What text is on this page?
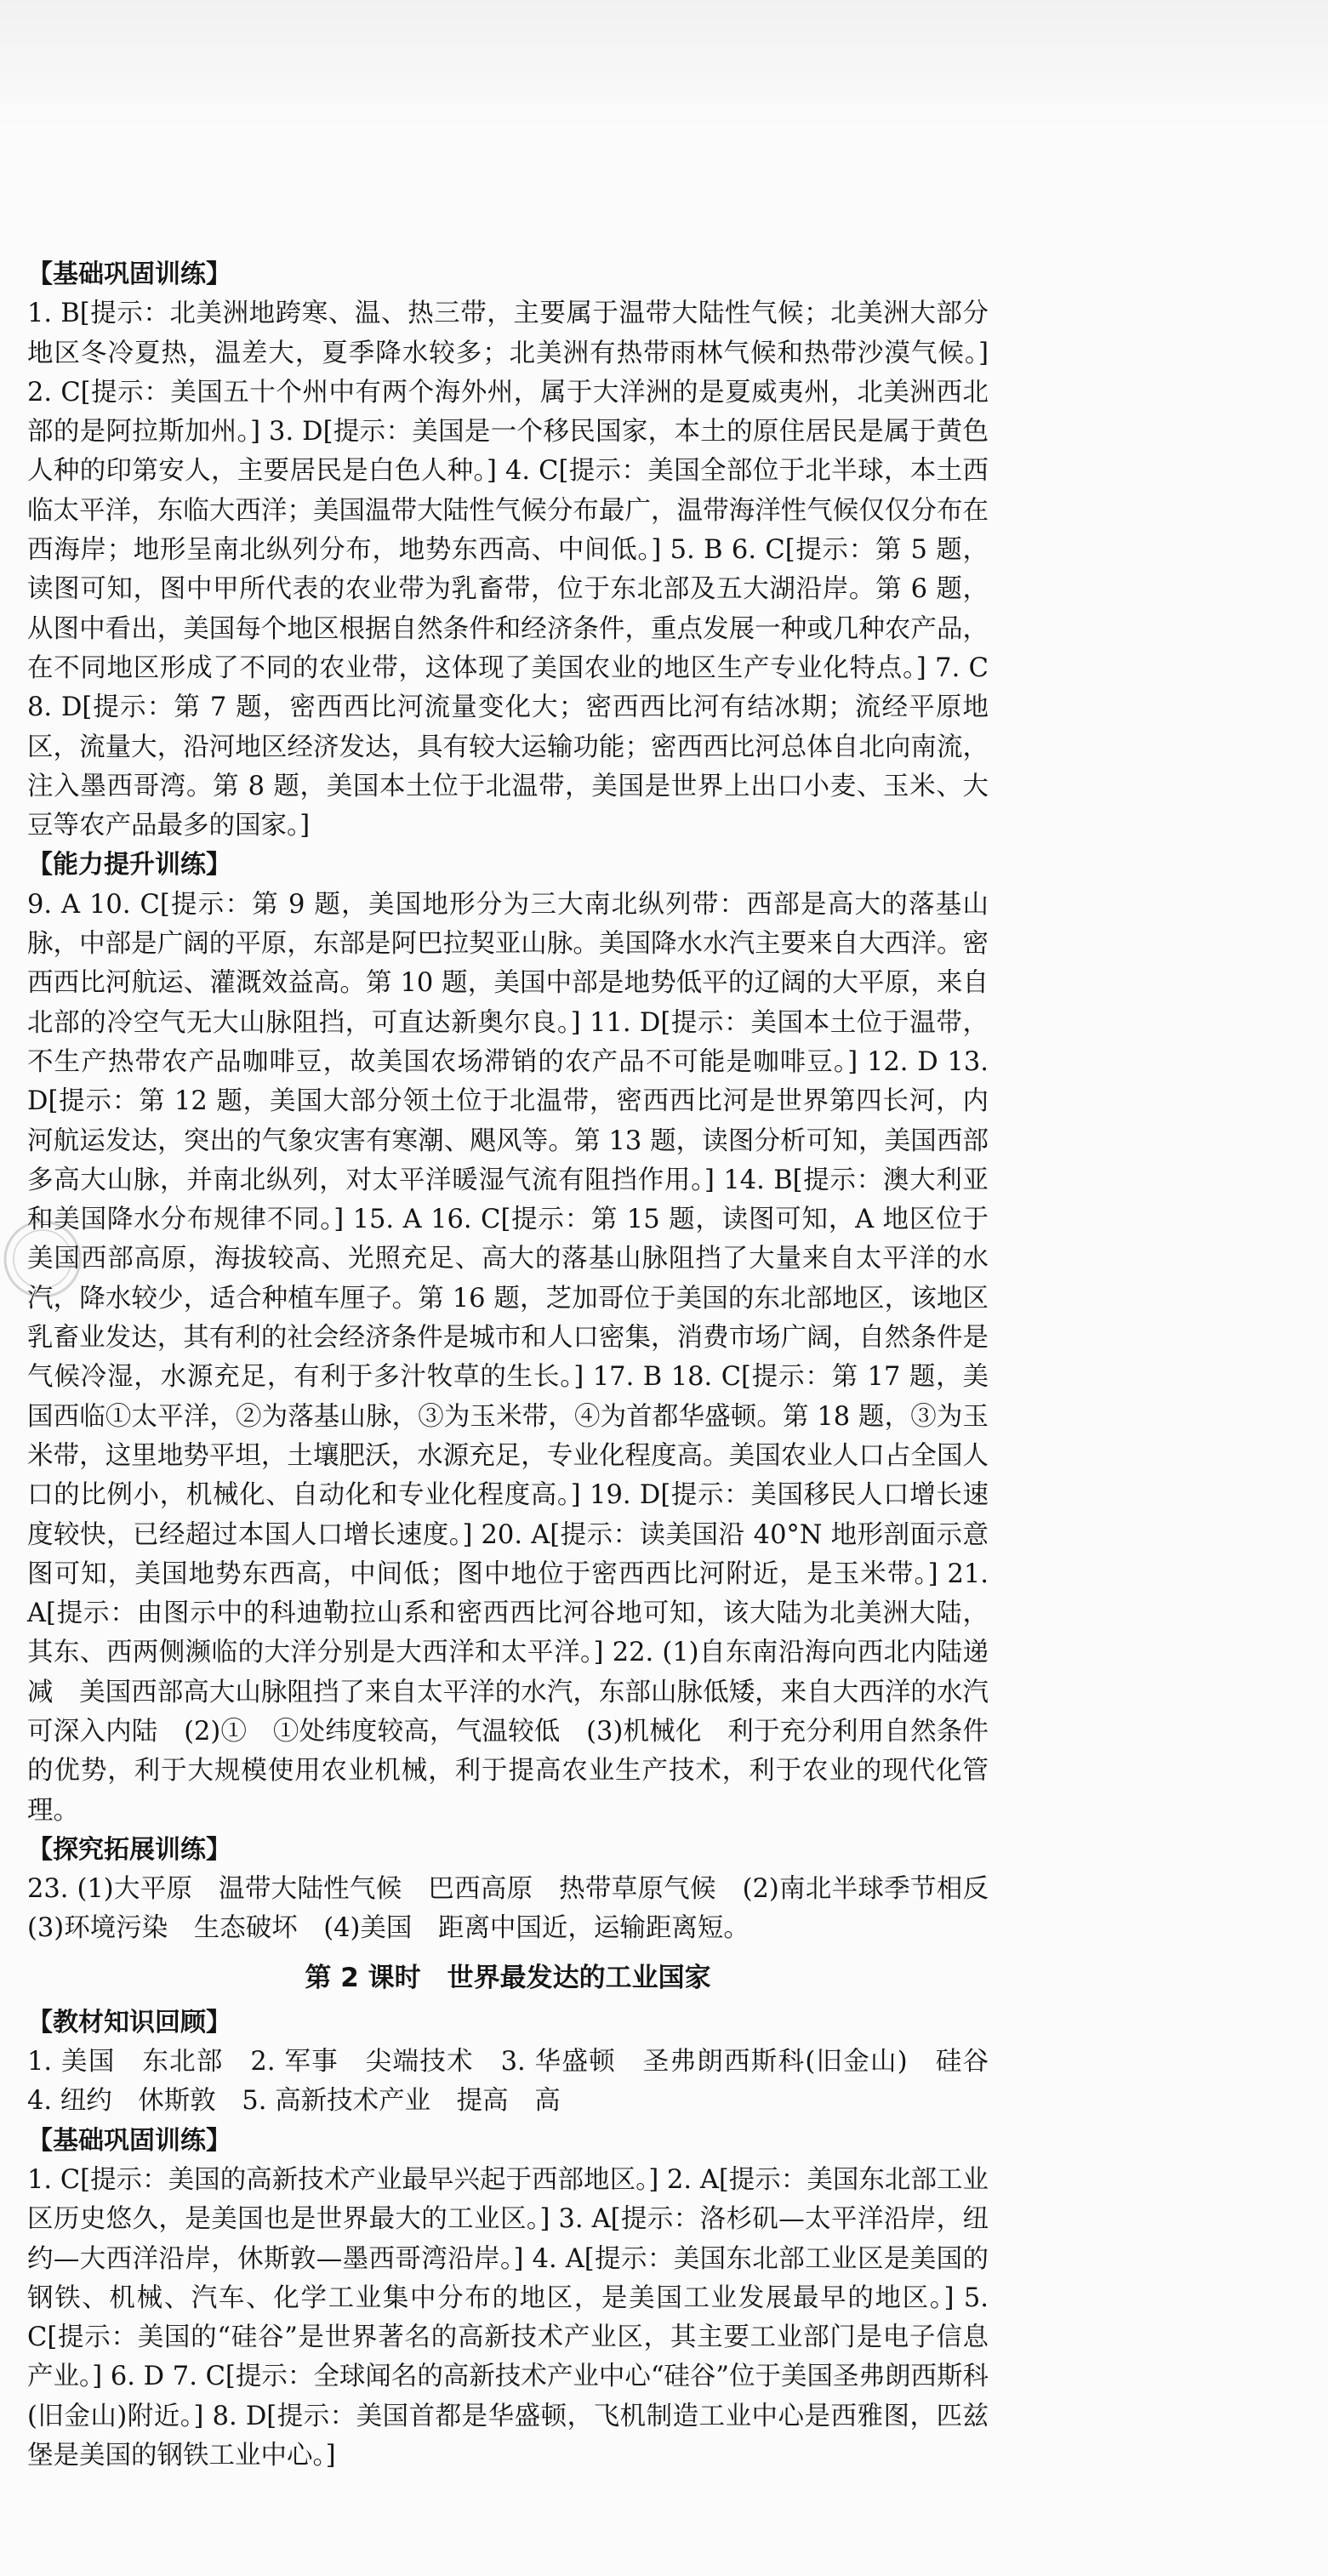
【基础巩固训练】

1. B[提示：北美洲地跨寒、温、热三带，主要属于温带大陆性气候；北美洲大部分地区冬冷夏热，温差大，夏季降水较多；北美洲有热带雨林气候和热带沙漠气候。] 2. C[提示：美国五十个州中有两个海外州，属于大洋洲的是夏威夷州，北美洲西北部的是阿拉斯加州。] 3. D[提示：美国是一个移民国家，本土的原住居民是属于黄色人种的印第安人，主要居民是白色人种。] 4. C[提示：美国全部位于北半球，本土西临太平洋，东临大西洋；美国温带大陆性气候分布最广，温带海洋性气候仅仅分布在西海岸；地形呈南北纵列分布，地势东西高、中间低。] 5. B 6. C[提示：第 5 题，读图可知，图中甲所代表的农业带为乳畜带，位于东北部及五大湖沿岸。第 6 题，从图中看出，美国每个地区根据自然条件和经济条件，重点发展一种或几种农产品，在不同地区形成了不同的农业带，这体现了美国农业的地区生产专业化特点。] 7. C 8. D[提示：第 7 题，密西西比河流量变化大；密西西比河有结冰期；流经平原地区，流量大，沿河地区经济发达，具有较大运输功能；密西西比河总体自北向南流，注入墨西哥湾。第 8 题，美国本土位于北温带，美国是世界上出口小麦、玉米、大豆等农产品最多的国家。]

【能力提升训练】

9. A 10. C[提示：第 9 题，美国地形分为三大南北纵列带：西部是高大的落基山脉，中部是广阔的平原，东部是阿巴拉契亚山脉。美国降水水汽主要来自大西洋。密西西比河航运、灌溉效益高。第 10 题，美国中部是地势低平的辽阔的大平原，来自北部的冷空气无大山脉阻挡，可直达新奥尔良。] 11. D[提示：美国本土位于温带，不生产热带农产品咖啡豆，故美国农场滞销的农产品不可能是咖啡豆。] 12. D 13. D[提示：第 12 题，美国大部分领土位于北温带，密西西比河是世界第四长河，内河航运发达，突出的气象灾害有寒潮、飓风等。第 13 题，读图分析可知，美国西部多高大山脉，并南北纵列，对太平洋暖湿气流有阻挡作用。] 14. B[提示：澳大利亚和美国降水分布规律不同。] 15. A 16. C[提示：第 15 题，读图可知，A 地区位于美国西部高原，海拔较高、光照充足、高大的落基山脉阻挡了大量来自太平洋的水汽，降水较少，适合种植车厘子。第 16 题，芝加哥位于美国的东北部地区，该地区乳畜业发达，其有利的社会经济条件是城市和人口密集，消费市场广阔，自然条件是气候冷湿，水源充足，有利于多汁牧草的生长。] 17. B 18. C[提示：第 17 题，美国西临①太平洋，②为落基山脉，③为玉米带，④为首都华盛顿。第 18 题，③为玉米带，这里地势平坦，土壤肥沃，水源充足，专业化程度高。美国农业人口占全国人口的比例小，机械化、自动化和专业化程度高。] 19. D[提示：美国移民人口增长速度较快，已经超过本国人口增长速度。] 20. A[提示：读美国沿 40°N 地形剖面示意图可知，美国地势东西高，中间低；图中地位于密西西比河附近，是玉米带。] 21. A[提示：由图示中的科迪勒拉山系和密西西比河谷地可知，该大陆为北美洲大陆，其东、西两侧濒临的大洋分别是大西洋和太平洋。] 22. (1)自东南沿海向西北内陆递减　美国西部高大山脉阻挡了来自太平洋的水汽，东部山脉低矮，来自大西洋的水汽可深入内陆　(2)①　①处纬度较高，气温较低　(3)机械化　利于充分利用自然条件的优势，利于大规模使用农业机械，利于提高农业生产技术，利于农业的现代化管理。

【探究拓展训练】

23. (1)大平原　温带大陆性气候　巴西高原　热带草原气候　(2)南北半球季节相反　(3)环境污染　生态破坏　(4)美国　距离中国近，运输距离短。

第 2 课时　世界最发达的工业国家
【教材知识回顾】

1. 美国　东北部　2. 军事　尖端技术　3. 华盛顿　圣弗朗西斯科(旧金山)　硅谷　4. 纽约　休斯敦　5. 高新技术产业　提高　高

【基础巩固训练】

1. C[提示：美国的高新技术产业最早兴起于西部地区。] 2. A[提示：美国东北部工业区历史悠久，是美国也是世界最大的工业区。] 3. A[提示：洛杉矶—太平洋沿岸，纽约—大西洋沿岸，休斯敦—墨西哥湾沿岸。] 4. A[提示：美国东北部工业区是美国的钢铁、机械、汽车、化学工业集中分布的地区，是美国工业发展最早的地区。] 5. C[提示：美国的“硅谷”是世界著名的高新技术产业区，其主要工业部门是电子信息产业。] 6. D 7. C[提示：全球闻名的高新技术产业中心“硅谷”位于美国圣弗朗西斯科(旧金山)附近。] 8. D[提示：美国首都是华盛顿，飞机制造工业中心是西雅图，匹兹堡是美国的钢铁工业中心。]
